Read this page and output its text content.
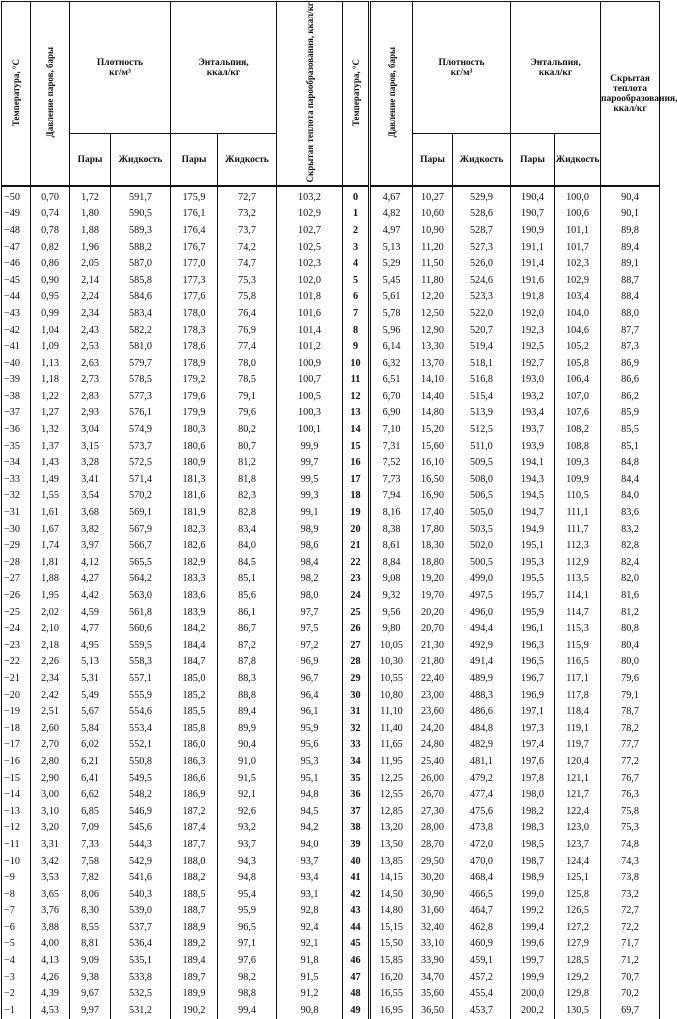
Температура, °С	Давление паров, бары	Плотность
кг/м³		Энтальпия,
ккал/кг		Скрытая теплота парообразования, ккал/кг	Температура, °С	Давление паров, бары	Плотность
кг/м³		Энтальпия,
ккал/кг		Скрытая теплота
парообразования,
ккал/кг
		Пары	Жидкость	Пары	Жидкость				Пары	Жидкость	Пары	Жидкость	
−50	0,70	1,72	591,7	175,9	72,7	103,2	0	4,67	10,27	529,9	190,4	100,0	90,4
−49	0,74	1,80	590,5	176,1	73,2	102,9	1	4,82	10,60	528,6	190,7	100,6	90,1
−48	0,78	1,88	589,3	176,4	73,7	102,7	2	4,97	10,90	528,7	190,9	101,1	89,8
−47	0,82	1,96	588,2	176,7	74,2	102,5	3	5,13	11,20	527,3	191,1	101,7	89,4
−46	0,86	2,05	587,0	177,0	74,7	102,3	4	5,29	11,50	526,0	191,4	102,3	89,1
−45	0,90	2,14	585,8	177,3	75,3	102,0	5	5,45	11,80	524,6	191,6	102,9	88,7
−44	0,95	2,24	584,6	177,6	75,8	101,8	6	5,61	12,20	523,3	191,8	103,4	88,4
−43	0,99	2,34	583,4	178,0	76,4	101,6	7	5,78	12,50	522,0	192,0	104,0	88,0
−42	1,04	2,43	582,2	178,3	76,9	101,4	8	5,96	12,90	520,7	192,3	104,6	87,7
−41	1,09	2,53	581,0	178,6	77,4	101,2	9	6,14	13,30	519,4	192,5	105,2	87,3
−40	1,13	2,63	579,7	178,9	78,0	100,9	10	6,32	13,70	518,1	192,7	105,8	86,9
−39	1,18	2,73	578,5	179,2	78,5	100,7	11	6,51	14,10	516,8	193,0	106,4	86,6
−38	1,22	2,83	577,3	179,6	79,1	100,5	12	6,70	14,40	515,4	193,2	107,0	86,2
−37	1,27	2,93	576,1	179,9	79,6	100,3	13	6,90	14,80	513,9	193,4	107,6	85,9
−36	1,32	3,04	574,9	180,3	80,2	100,1	14	7,10	15,20	512,5	193,7	108,2	85,5
−35	1,37	3,15	573,7	180,6	80,7	99,9	15	7,31	15,60	511,0	193,9	108,8	85,1
−34	1,43	3,28	572,5	180,9	81,2	99,7	16	7,52	16,10	509,5	194,1	109,3	84,8
−33	1,49	3,41	571,4	181,3	81,8	99,5	17	7,73	16,50	508,0	194,3	109,9	84,4
−32	1,55	3,54	570,2	181,6	82,3	99,3	18	7,94	16,90	506,5	194,5	110,5	84,0
−31	1,61	3,68	569,1	181,9	82,8	99,1	19	8,16	17,40	505,0	194,7	111,1	83,6
−30	1,67	3,82	567,9	182,3	83,4	98,9	20	8,38	17,80	503,5	194,9	111,7	83,2
−29	1,74	3,97	566,7	182,6	84,0	98,6	21	8,61	18,30	502,0	195,1	112,3	82,8
−28	1,81	4,12	565,5	182,9	84,5	98,4	22	8,84	18,80	500,5	195,3	112,9	82,4
−27	1,88	4,27	564,2	183,3	85,1	98,2	23	9,08	19,20	499,0	195,5	113,5	82,0
−26	1,95	4,42	563,0	183,6	85,6	98,0	24	9,32	19,70	497,5	195,7	114,1	81,6
−25	2,02	4,59	561,8	183,9	86,1	97,7	25	9,56	20,20	496,0	195,9	114,7	81,2
−24	2,10	4,77	560,6	184,2	86,7	97,5	26	9,80	20,70	494,4	196,1	115,3	80,8
−23	2,18	4,95	559,5	184,4	87,2	97,2	27	10,05	21,30	492,9	196,3	115,9	80,4
−22	2,26	5,13	558,3	184,7	87,8	96,9	28	10,30	21,80	491,4	196,5	116,5	80,0
−21	2,34	5,31	557,1	185,0	88,3	96,7	29	10,55	22,40	489,9	196,7	117,1	79,6
−20	2,42	5,49	555,9	185,2	88,8	96,4	30	10,80	23,00	488,3	196,9	117,8	79,1
−19	2,51	5,67	554,6	185,5	89,4	96,1	31	11,10	23,60	486,6	197,1	118,4	78,7
−18	2,60	5,84	553,4	185,8	89,9	95,9	32	11,40	24,20	484,8	197,3	119,1	78,2
−17	2,70	6,02	552,1	186,0	90,4	95,6	33	11,65	24,80	482,9	197,4	119,7	77,7
−16	2,80	6,21	550,8	186,3	91,0	95,3	34	11,95	25,40	481,1	197,6	120,4	77,2
−15	2,90	6,41	549,5	186,6	91,5	95,1	35	12,25	26,00	479,2	197,8	121,1	76,7
−14	3,00	6,62	548,2	186,9	92,1	94,8	36	12,55	26,70	477,4	198,0	121,7	76,3
−13	3,10	6,85	546,9	187,2	92,6	94,5	37	12,85	27,30	475,6	198,2	122,4	75,8
−12	3,20	7,09	545,6	187,4	93,2	94,2	38	13,20	28,00	473,8	198,3	123,0	75,3
−11	3,31	7,33	544,3	187,7	93,7	94,0	39	13,50	28,70	472,0	198,5	123,7	74,8
−10	3,42	7,58	542,9	188,0	94,3	93,7	40	13,85	29,50	470,0	198,7	124,4	74,3
−9	3,53	7,82	541,6	188,2	94,8	93,4	41	14,15	30,20	468,4	198,9	125,1	73,8
−8	3,65	8,06	540,3	188,5	95,4	93,1	42	14,50	30,90	466,5	199,0	125,8	73,2
−7	3,76	8,30	539,0	188,7	95,9	92,8	43	14,80	31,60	464,7	199,2	126,5	72,7
−6	3,88	8,55	537,7	188,9	96,5	92,4	44	15,15	32,40	462,8	199,4	127,2	72,2
−5	4,00	8,81	536,4	189,2	97,1	92,1	45	15,50	33,10	460,9	199,6	127,9	71,7
−4	4,13	9,09	535,1	189,4	97,6	91,8	46	15,85	33,90	459,1	199,7	128,5	71,2
−3	4,26	9,38	533,8	189,7	98,2	91,5	47	16,20	34,70	457,2	199,9	129,2	70,7
−2	4,39	9,67	532,5	189,9	98,8	91,2	48	16,55	35,60	455,4	200,0	129,8	70,2
−1	4,53	9,97	531,2	190,2	99,4	90,8	49	16,95	36,50	453,7	200,2	130,5	69,7
